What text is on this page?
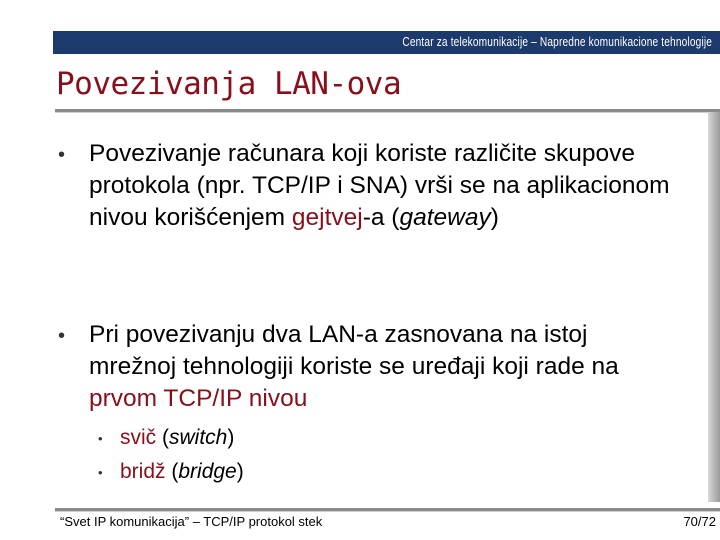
Centar za telekomunikacije – Napredne komunikacione tehnologije
Povezivanja LAN-ova
• Povezivanje računara koji koriste različite skupove protokola (npr. TCP/IP i SNA) vrši se na aplikacionom nivou korišćenjem gejtvej-a (gateway)
• Pri povezivanju dva LAN-a zasnovana na istoj mrežnoj tehnologiji koriste se uređaji koji rade na prvom TCP/IP nivou
• svič (switch)
• bridž (bridge)
“Svet IP komunikacija” – TCP/IP protokol stek	70/72
